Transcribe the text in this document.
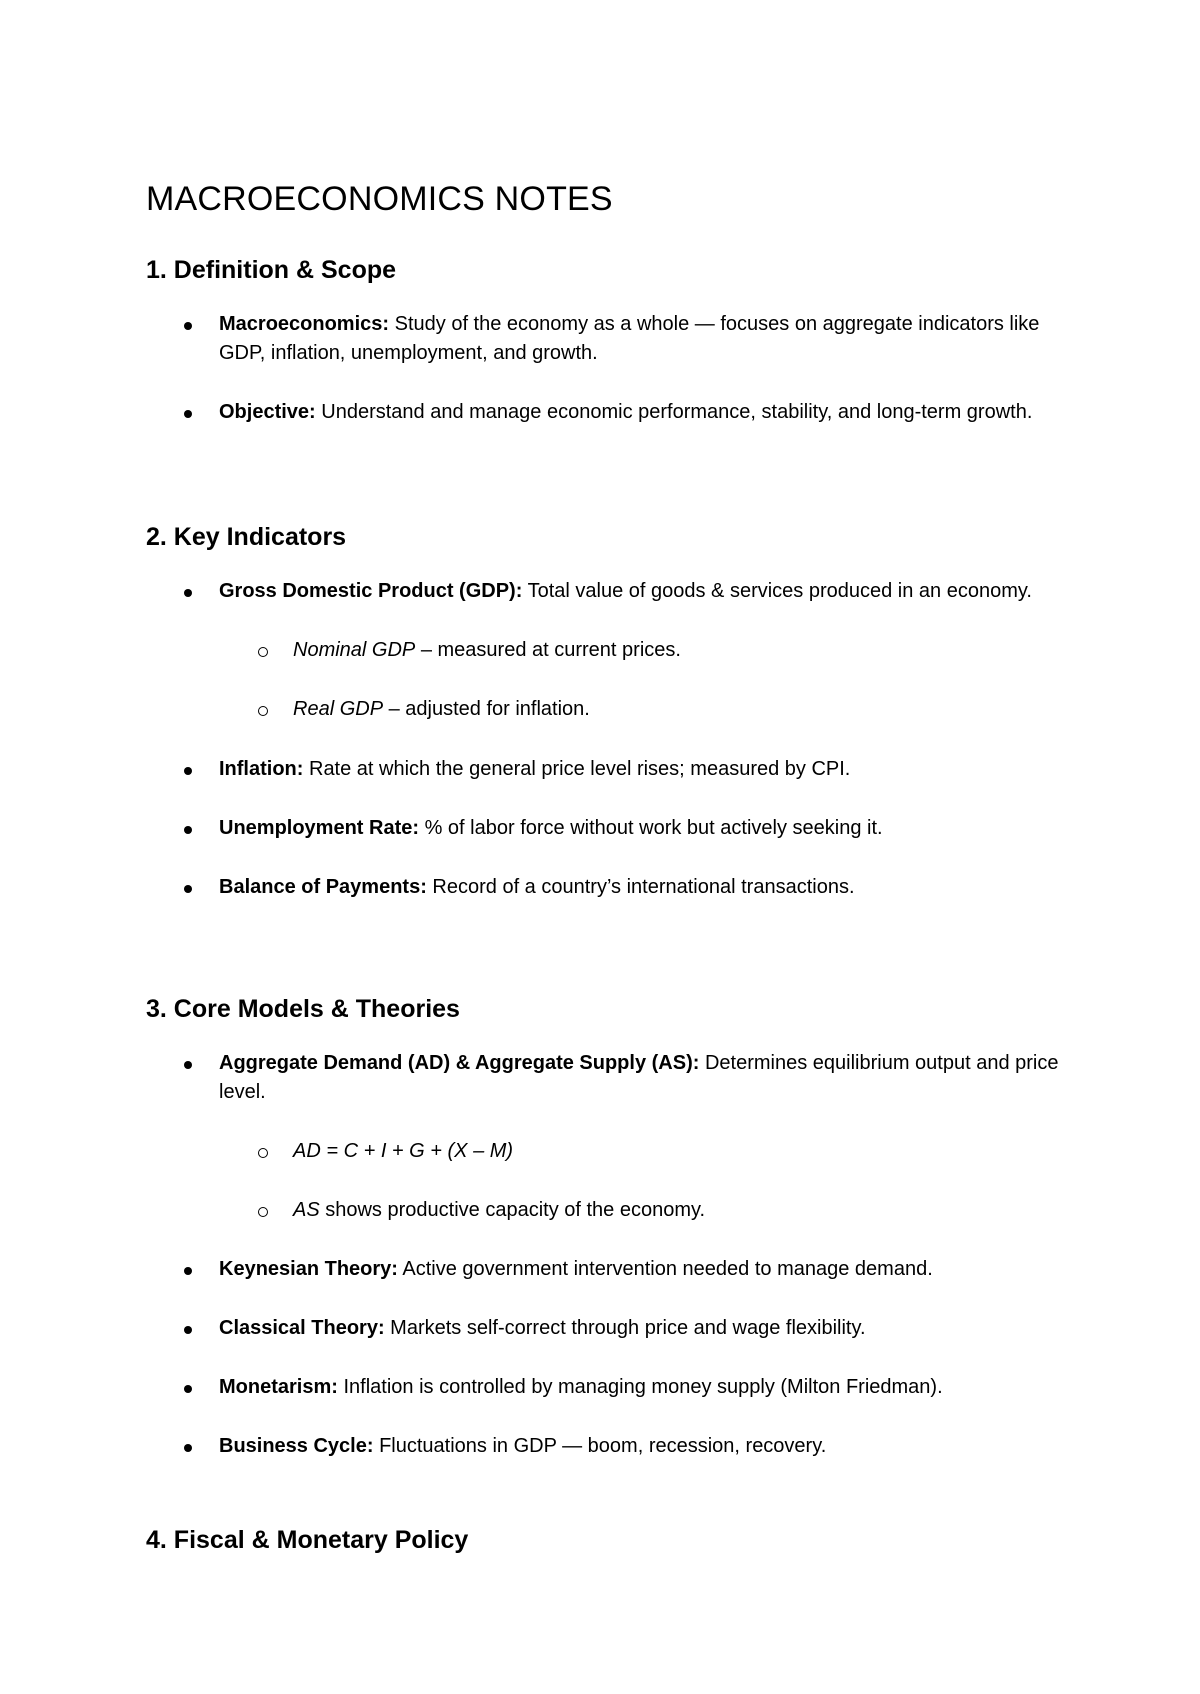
MACROECONOMICS NOTES
1. Definition & Scope
Macroeconomics: Study of the economy as a whole — focuses on aggregate indicators like GDP, inflation, unemployment, and growth.
Objective: Understand and manage economic performance, stability, and long-term growth.
2. Key Indicators
Gross Domestic Product (GDP): Total value of goods & services produced in an economy.
Nominal GDP – measured at current prices.
Real GDP – adjusted for inflation.
Inflation: Rate at which the general price level rises; measured by CPI.
Unemployment Rate: % of labor force without work but actively seeking it.
Balance of Payments: Record of a country’s international transactions.
3. Core Models & Theories
Aggregate Demand (AD) & Aggregate Supply (AS): Determines equilibrium output and price level.
AD = C + I + G + (X – M)
AS shows productive capacity of the economy.
Keynesian Theory: Active government intervention needed to manage demand.
Classical Theory: Markets self-correct through price and wage flexibility.
Monetarism: Inflation is controlled by managing money supply (Milton Friedman).
Business Cycle: Fluctuations in GDP — boom, recession, recovery.
4. Fiscal & Monetary Policy
